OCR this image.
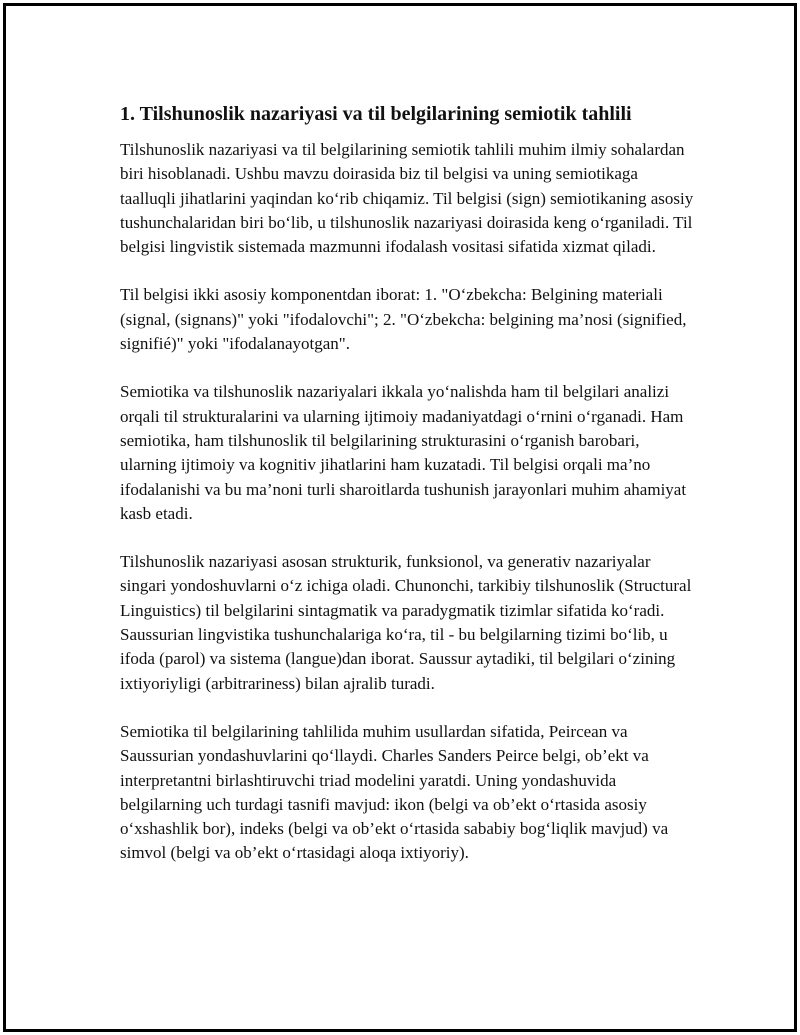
1. Tilshunoslik nazariyasi va til belgilarining semiotik tahlili

Tilshunoslik nazariyasi va til belgilarining semiotik tahlili muhim ilmiy sohalardan biri hisoblanadi. Ushbu mavzu doirasida biz til belgisi va uning semiotikaga taalluqli jihatlarini yaqindan ko‘rib chiqamiz. Til belgisi (sign) semiotikaning asosiy tushunchalaridan biri bo‘lib, u tilshunoslik nazariyasi doirasida keng o‘rganiladi. Til belgisi lingvistik sistemada mazmunni ifodalash vositasi sifatida xizmat qiladi.

Til belgisi ikki asosiy komponentdan iborat: 1. "O‘zbekcha: Belgining materiali (signal, (signans)" yoki "ifodalovchi"; 2. "O‘zbekcha: belgining ma’nosi (signified, signifié)" yoki "ifodalanayotgan".

Semiotika va tilshunoslik nazariyalari ikkala yo‘nalishda ham til belgilari analizi orqali til strukturalarini va ularning ijtimoiy madaniyatdagi o‘rnini o‘rganadi. Ham semiotika, ham tilshunoslik til belgilarining strukturasini o‘rganish barobari, ularning ijtimoiy va kognitiv jihatlarini ham kuzatadi. Til belgisi orqali ma’no ifodalanishi va bu ma’noni turli sharoitlarda tushunish jarayonlari muhim ahamiyat kasb etadi.

Tilshunoslik nazariyasi asosan strukturik, funksionol, va generativ nazariyalar singari yondoshuvlarni o‘z ichiga oladi. Chunonchi, tarkibiy tilshunoslik (Structural Linguistics) til belgilarini sintagmatik va paradygmatik tizimlar sifatida ko‘radi. Saussurian lingvistika tushunchalariga ko‘ra, til - bu belgilarning tizimi bo‘lib, u ifoda (parol) va sistema (langue)dan iborat. Saussur aytadiki, til belgilari o‘zining ixtiyoriyligi (arbitrariness) bilan ajralib turadi.

Semiotika til belgilarining tahlilida muhim usullardan sifatida, Peircean va Saussurian yondashuvlarini qo‘llaydi. Charles Sanders Peirce belgi, ob’ekt va interpretantni birlashtiruvchi triad modelini yaratdi. Uning yondashuvida belgilarning uch turdagi tasnifi mavjud: ikon (belgi va ob’ekt o‘rtasida asosiy o‘xshashlik bor), indeks (belgi va ob’ekt o‘rtasida sababiy bog‘liqlik mavjud) va simvol (belgi va ob’ekt o‘rtasidagi aloqa ixtiyoriy).
